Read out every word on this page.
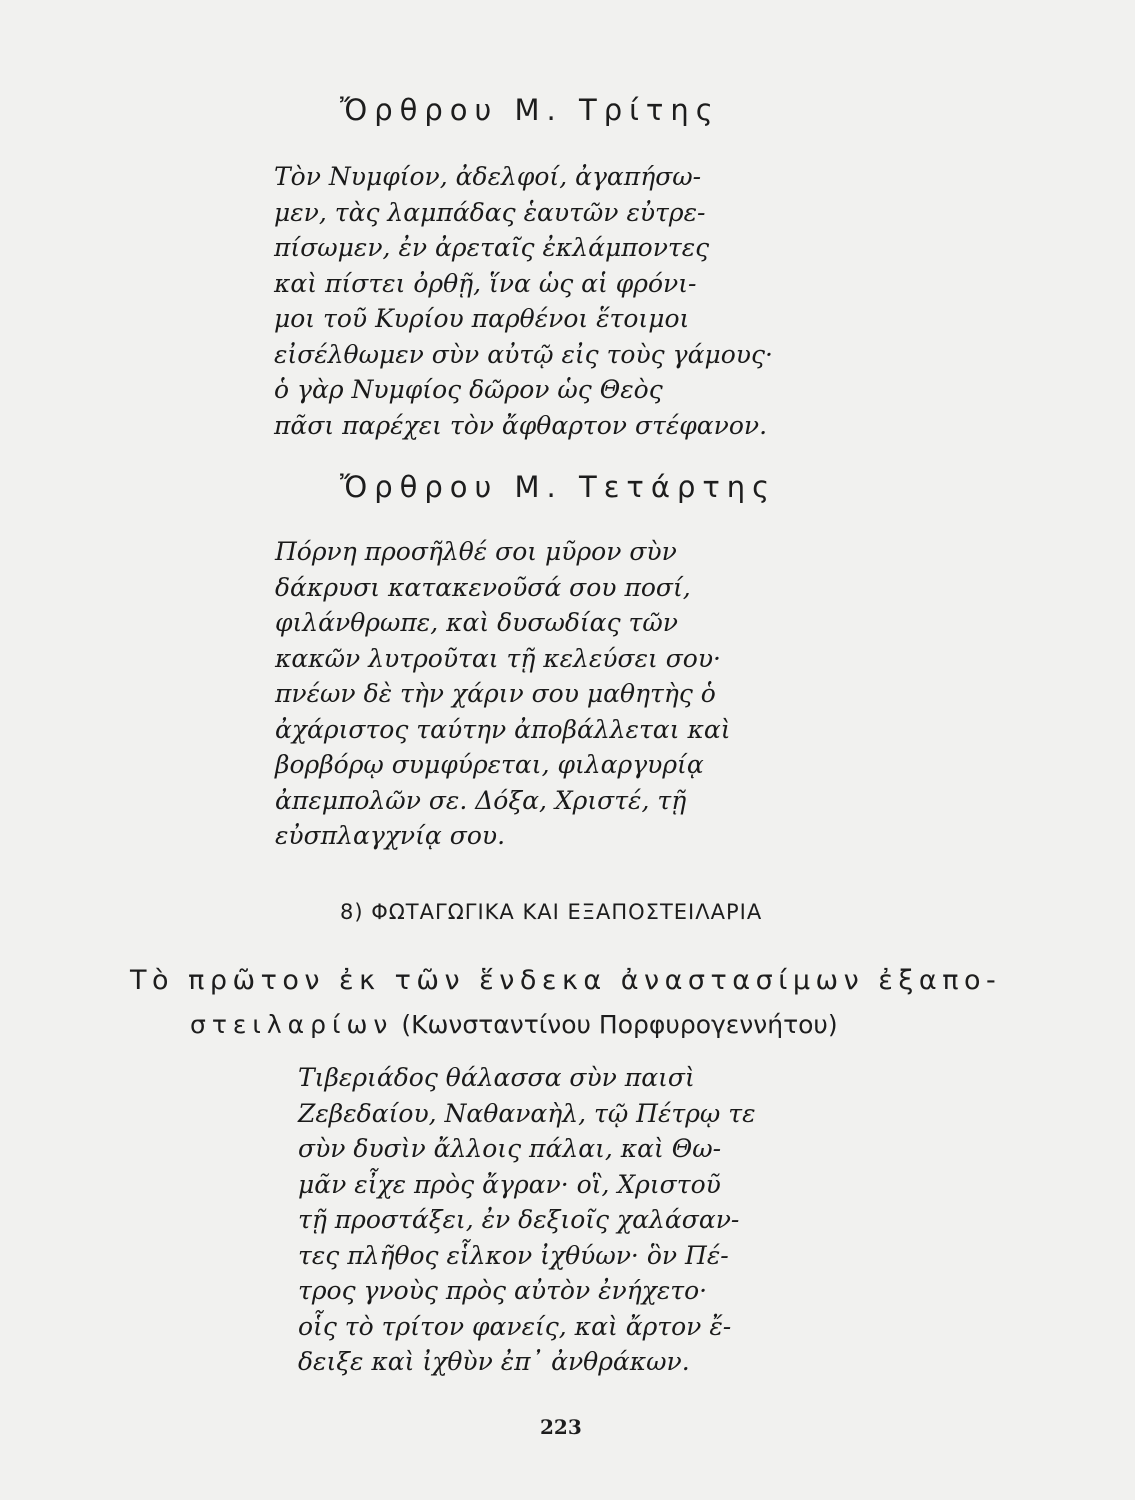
Ὄρθρου Μ. Τρίτης
Τὸν Νυμφίον, ἀδελφοί, ἀγαπήσω-
μεν, τὰς λαμπάδας ἑαυτῶν εὐτρε-
πίσωμεν, ἐν ἀρεταῖς ἐκλάμποντες
καὶ πίστει ὀρθῇ, ἵνα ὡς αἱ φρόνι-
μοι τοῦ Κυρίου παρθένοι ἕτοιμοι
εἰσέλθωμεν σὺν αὐτῷ εἰς τοὺς γάμους·
ὁ γὰρ Νυμφίος δῶρον ὡς Θεὸς
πᾶσι παρέχει τὸν ἄφθαρτον στέφανον.
Ὄρθρου Μ. Τετάρτης
Πόρνη προσῆλθέ σοι μῦρον σὺν
δάκρυσι κατακενοῦσά σου ποσί,
φιλάνθρωπε, καὶ δυσωδίας τῶν
κακῶν λυτροῦται τῇ κελεύσει σου·
πνέων δὲ τὴν χάριν σου μαθητὴς ὁ
ἀχάριστος ταύτην ἀποβάλλεται καὶ
βορβόρῳ συμφύρεται, φιλαργυρίᾳ
ἀπεμπολῶν σε. Δόξα, Χριστέ, τῇ
εὐσπλαγχνίᾳ σου.
8) ΦΩΤΑΓΩΓΙΚΑ ΚΑΙ ΕΞΑΠΟΣΤΕΙΛΑΡΙΑ
Τὸ πρῶτον ἐκ τῶν ἕνδεκα ἀναστασίμων ἐξαπο-
στειλαρίων (Κωνσταντίνου Πορφυρογεννήτου)
Τιβεριάδος θάλασσα σὺν παισὶ
Ζεβεδαίου, Ναθαναὴλ, τῷ Πέτρῳ τε
σὺν δυσὶν ἄλλοις πάλαι, καὶ Θω-
μᾶν εἶχε πρὸς ἄγραν· οἳ, Χριστοῦ
τῇ προστάξει, ἐν δεξιοῖς χαλάσαν-
τες πλῆθος εἷλκον ἰχθύων· ὃν Πέ-
τρος γνοὺς πρὸς αὐτὸν ἐνήχετο·
οἷς τὸ τρίτον φανείς, καὶ ἄρτον ἔ-
δειξε καὶ ἰχθὺν ἐπ᾽ ἀνθράκων.
223
